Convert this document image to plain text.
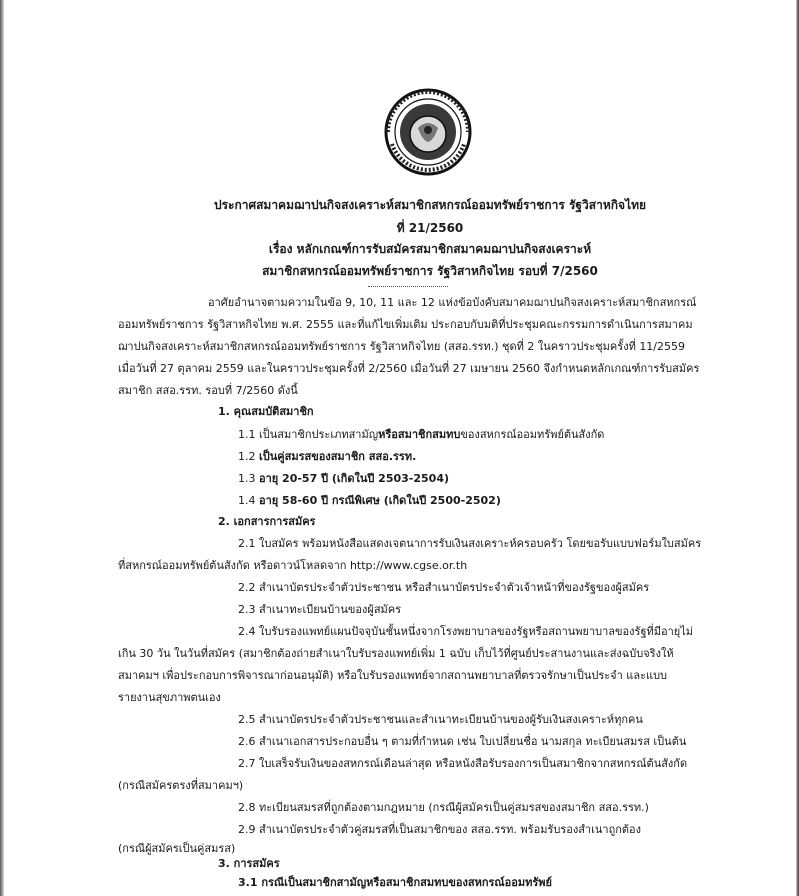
ประกาศสมาคมฌาปนกิจสงเคราะห์สมาชิกสหกรณ์ออมทรัพย์ราชการ รัฐวิสาหกิจไทย
ที่ 21/2560
เรื่อง หลักเกณฑ์การรับสมัครสมาชิกสมาคมฌาปนกิจสงเคราะห์
สมาชิกสหกรณ์ออมทรัพย์ราชการ รัฐวิสาหกิจไทย รอบที่ 7/2560
อาศัยอำนาจตามความในข้อ 9, 10, 11 และ 12 แห่งข้อบังคับสมาคมฌาปนกิจสงเคราะห์สมาชิกสหกรณ์
ออมทรัพย์ราชการ รัฐวิสาหกิจไทย พ.ศ. 2555 และที่แก้ไขเพิ่มเติม ประกอบกับมติที่ประชุมคณะกรรมการดำเนินการสมาคม
ฌาปนกิจสงเคราะห์สมาชิกสหกรณ์ออมทรัพย์ราชการ รัฐวิสาหกิจไทย (สสอ.รรท.) ชุดที่ 2 ในคราวประชุมครั้งที่ 11/2559
เมื่อวันที่ 27 ตุลาคม 2559 และในคราวประชุมครั้งที่ 2/2560 เมื่อวันที่ 27 เมษายน 2560 จึงกำหนดหลักเกณฑ์การรับสมัคร
สมาชิก สสอ.รรท. รอบที่ 7/2560 ดังนี้
1. คุณสมบัติสมาชิก
1.1 เป็นสมาชิกประเภทสามัญหรือสมาชิกสมทบของสหกรณ์ออมทรัพย์ต้นสังกัด
1.2 เป็นคู่สมรสของสมาชิก สสอ.รรท.
1.3 อายุ 20-57 ปี (เกิดในปี 2503-2504)
1.4 อายุ 58-60 ปี กรณีพิเศษ (เกิดในปี 2500-2502)
2. เอกสารการสมัคร
2.1 ใบสมัคร พร้อมหนังสือแสดงเจตนาการรับเงินสงเคราะห์ครอบครัว โดยขอรับแบบฟอร์มใบสมัคร
ที่สหกรณ์ออมทรัพย์ต้นสังกัด หรือดาวน์โหลดจาก http://www.cgse.or.th
2.2 สำเนาบัตรประจำตัวประชาชน หรือสำเนาบัตรประจำตัวเจ้าหน้าที่ของรัฐของผู้สมัคร
2.3 สำเนาทะเบียนบ้านของผู้สมัคร
2.4 ใบรับรองแพทย์แผนปัจจุบันชั้นหนึ่งจากโรงพยาบาลของรัฐหรือสถานพยาบาลของรัฐที่มีอายุไม่
เกิน 30 วัน ในวันที่สมัคร (สมาชิกต้องถ่ายสำเนาใบรับรองแพทย์เพิ่ม 1 ฉบับ เก็บไว้ที่ศูนย์ประสานงานและส่งฉบับจริงให้
สมาคมฯ เพื่อประกอบการพิจารณาก่อนอนุมัติ) หรือใบรับรองแพทย์จากสถานพยาบาลที่ตรวจรักษาเป็นประจำ และแบบ
รายงานสุขภาพตนเอง
2.5 สำเนาบัตรประจำตัวประชาชนและสำเนาทะเบียนบ้านของผู้รับเงินสงเคราะห์ทุกคน
2.6 สำเนาเอกสารประกอบอื่น ๆ ตามที่กำหนด เช่น ใบเปลี่ยนชื่อ นามสกุล ทะเบียนสมรส เป็นต้น
2.7 ใบเสร็จรับเงินของสหกรณ์เดือนล่าสุด หรือหนังสือรับรองการเป็นสมาชิกจากสหกรณ์ต้นสังกัด
(กรณีสมัครตรงที่สมาคมฯ)
2.8 ทะเบียนสมรสที่ถูกต้องตามกฎหมาย (กรณีผู้สมัครเป็นคู่สมรสของสมาชิก สสอ.รรท.)
2.9 สำเนาบัตรประจำตัวคู่สมรสที่เป็นสมาชิกของ สสอ.รรท. พร้อมรับรองสำเนาถูกต้อง
(กรณีผู้สมัครเป็นคู่สมรส)
3. การสมัคร
3.1 กรณีเป็นสมาชิกสามัญหรือสมาชิกสมทบของสหกรณ์ออมทรัพย์
